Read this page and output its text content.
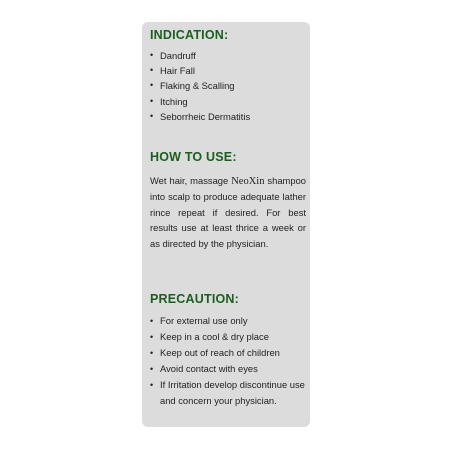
INDICATION:
• Dandruff
• Hair Fall
• Flaking & Scalling
• Itching
• Seborrheic Dermatitis
HOW TO USE:

Wet hair, massage NeoXin shampoo into scalp to produce adequate lather rince repeat if desired. For best results use at least thrice a week or as directed by the physician.

PRECAUTION:
• For external use only
• Keep in a cool & dry place
• Keep out of reach of children
• Avoid contact with eyes
• If Irritation develop discontinue use and concern your physician.
